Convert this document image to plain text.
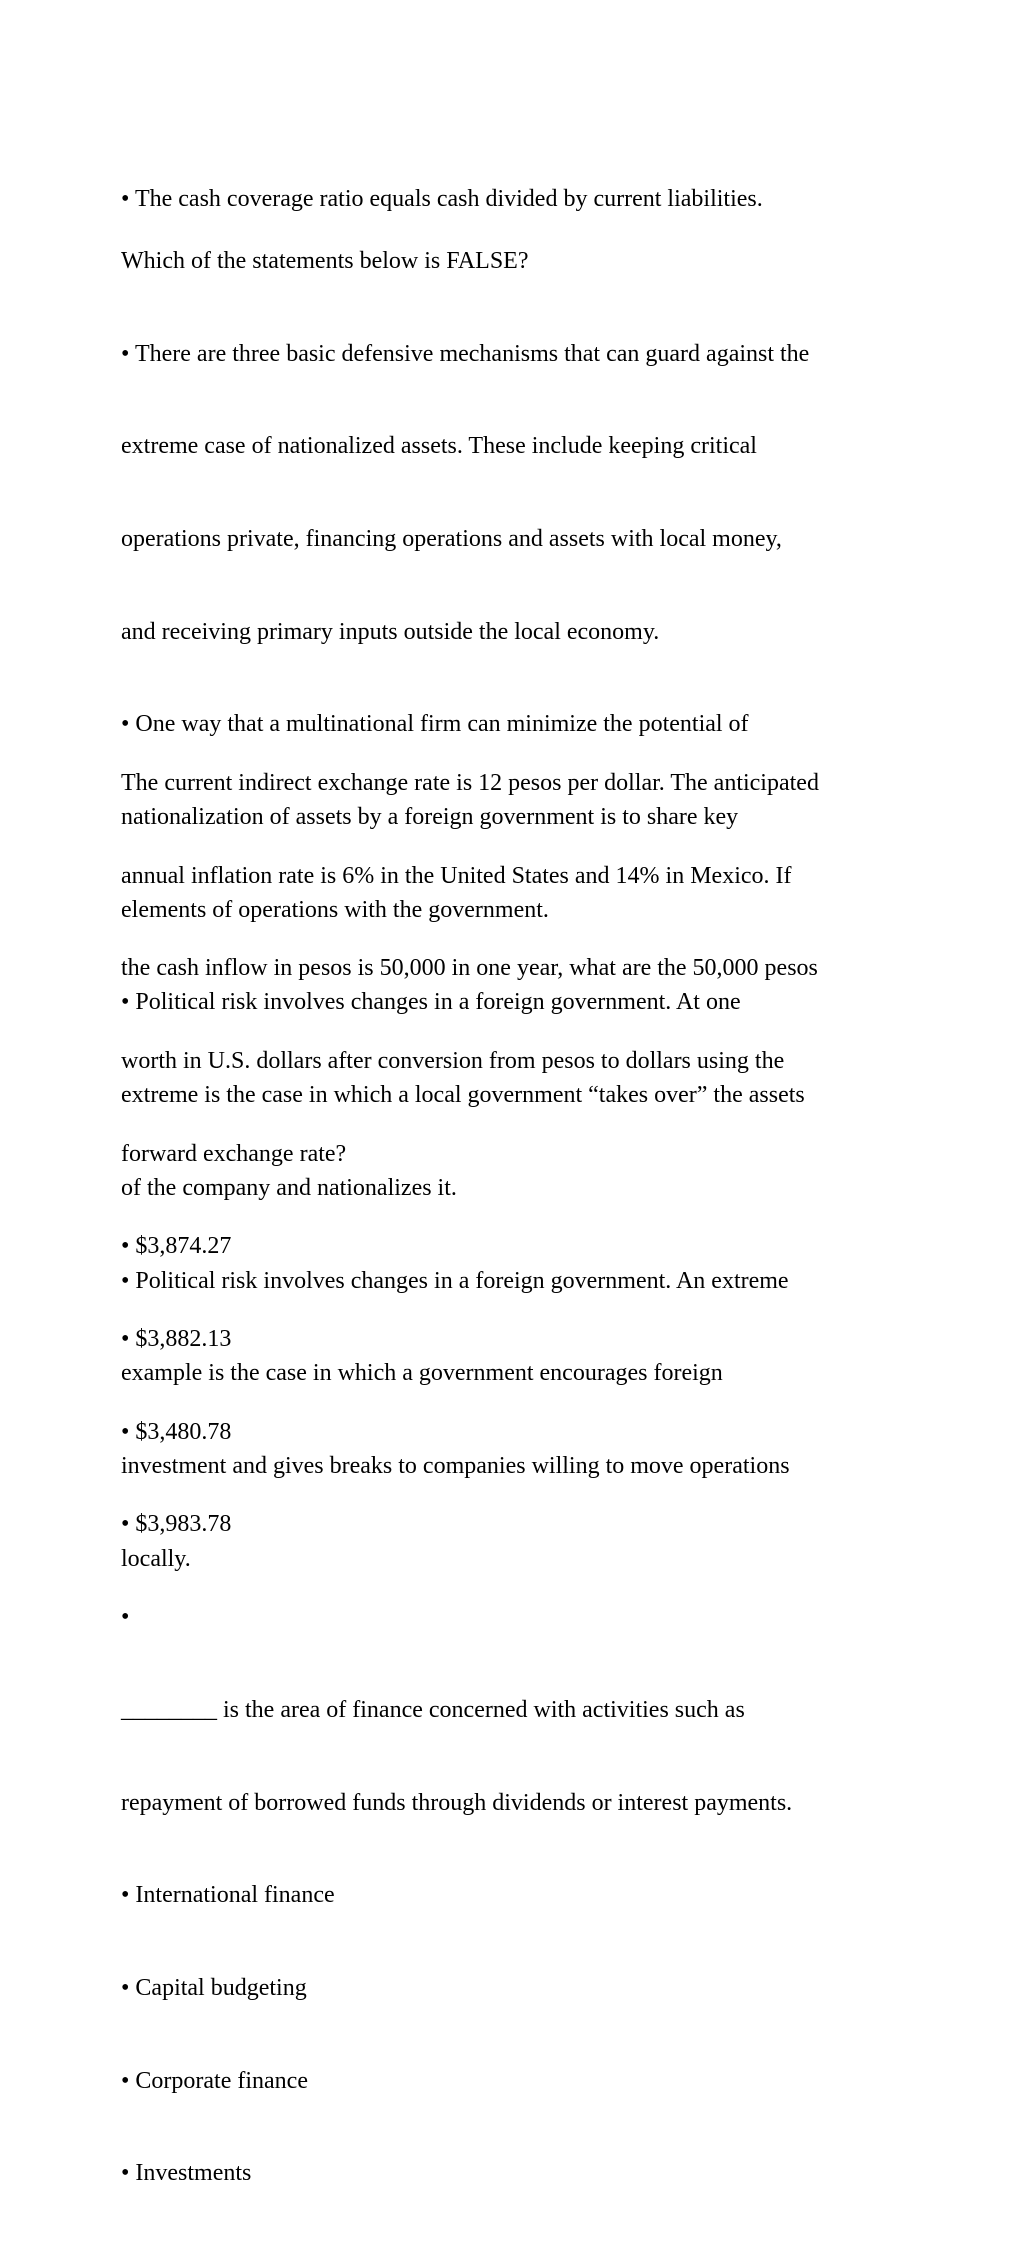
• The cash coverage ratio equals cash divided by current liabilities.

Which of the statements below is FALSE?

• There are three basic defensive mechanisms that can guard against the

extreme case of nationalized assets. These include keeping critical

operations private, financing operations and assets with local money,

and receiving primary inputs outside the local economy.

• One way that a multinational firm can minimize the potential of

nationalization of assets by a foreign government is to share key

elements of operations with the government.

• Political risk involves changes in a foreign government. At one

extreme is the case in which a local government “takes over” the assets

of the company and nationalizes it.

• Political risk involves changes in a foreign government. An extreme

example is the case in which a government encourages foreign

investment and gives breaks to companies willing to move operations

locally.

The current indirect exchange rate is 12 pesos per dollar. The anticipated

annual inflation rate is 6% in the United States and 14% in Mexico. If

the cash inflow in pesos is 50,000 in one year, what are the 50,000 pesos

worth in U.S. dollars after conversion from pesos to dollars using the

forward exchange rate?

• $3,874.27

• $3,882.13

• $3,480.78

• $3,983.78

•

________ is the area of finance concerned with activities such as

repayment of borrowed funds through dividends or interest payments.

• International finance

• Capital budgeting

• Corporate finance

• Investments
